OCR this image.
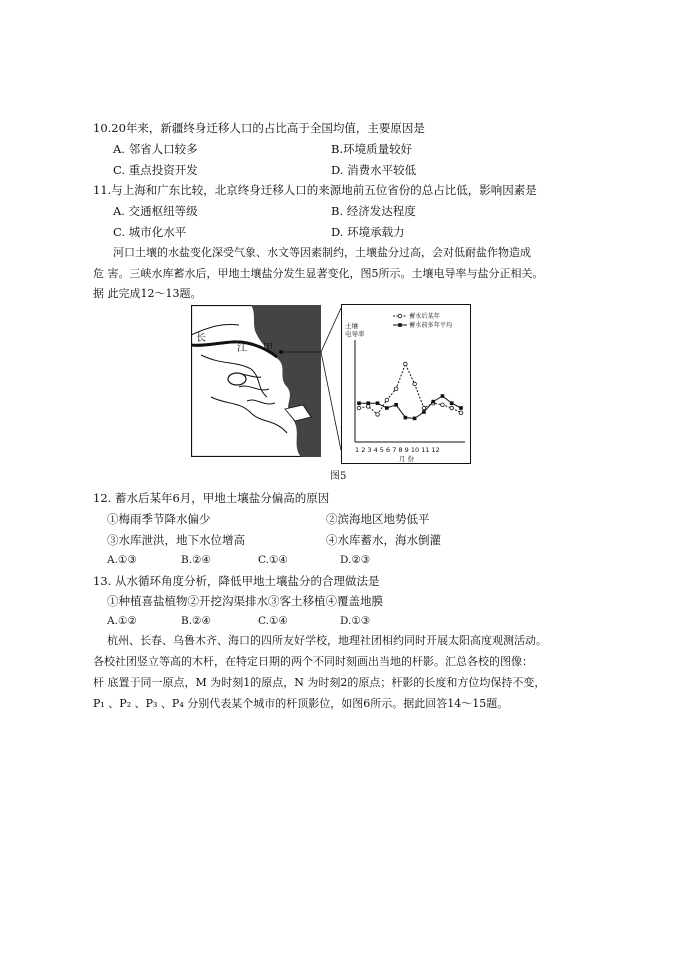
10.20年来，新疆终身迁移人口的占比高于全国均值，主要原因是
A. 邻省人口较多	B.环境质量较好
C. 重点投资开发	D. 消费水平较低
11.与上海和广东比较，北京终身迁移人口的来源地前五位省份的总占比低，影响因素是
A. 交通枢纽等级	B. 经济发达程度
C. 城市化水平	D. 环境承载力
河口土壤的水盐变化深受气象、水文等因素制约，土壤盐分过高，会对低耐盐作物造成
危 害。三峡水库蓄水后，甲地土壤盐分发生显著变化，图5所示。土壤电导率与盐分正相关。
据 此完成12～13题。
长
江 甲
土壤
电导率
蓄水后某年
蓄水前多年平均
1 2 3 4 5 6 7 8 9 10 11 12
月 份
图5
12. 蓄水后某年6月，甲地土壤盐分偏高的原因
①梅雨季节降水偏少	②滨海地区地势低平
③水库泄洪，地下水位增高	④水库蓄水，海水倒灌
A.①③	B.②④	C.①④	D.②③
13. 从水循环角度分析，降低甲地土壤盐分的合理做法是
①种植喜盐植物②开挖沟渠排水③客土移植④覆盖地膜
A.①②	B.②④	C.①④	D.①③
杭州、长春、乌鲁木齐、海口的四所友好学校，地理社团相约同时开展太阳高度观测活动。
各校社团竖立等高的木杆，在特定日期的两个不同时刻画出当地的杆影。汇总各校的图像：
杆 底置于同一原点，M 为时刻1的原点，N 为时刻2的原点；杆影的长度和方位均保持不变，
P₁ 、P₂ 、P₃ 、P₄ 分别代表某个城市的杆顶影位，如图6所示。据此回答14～15题。
